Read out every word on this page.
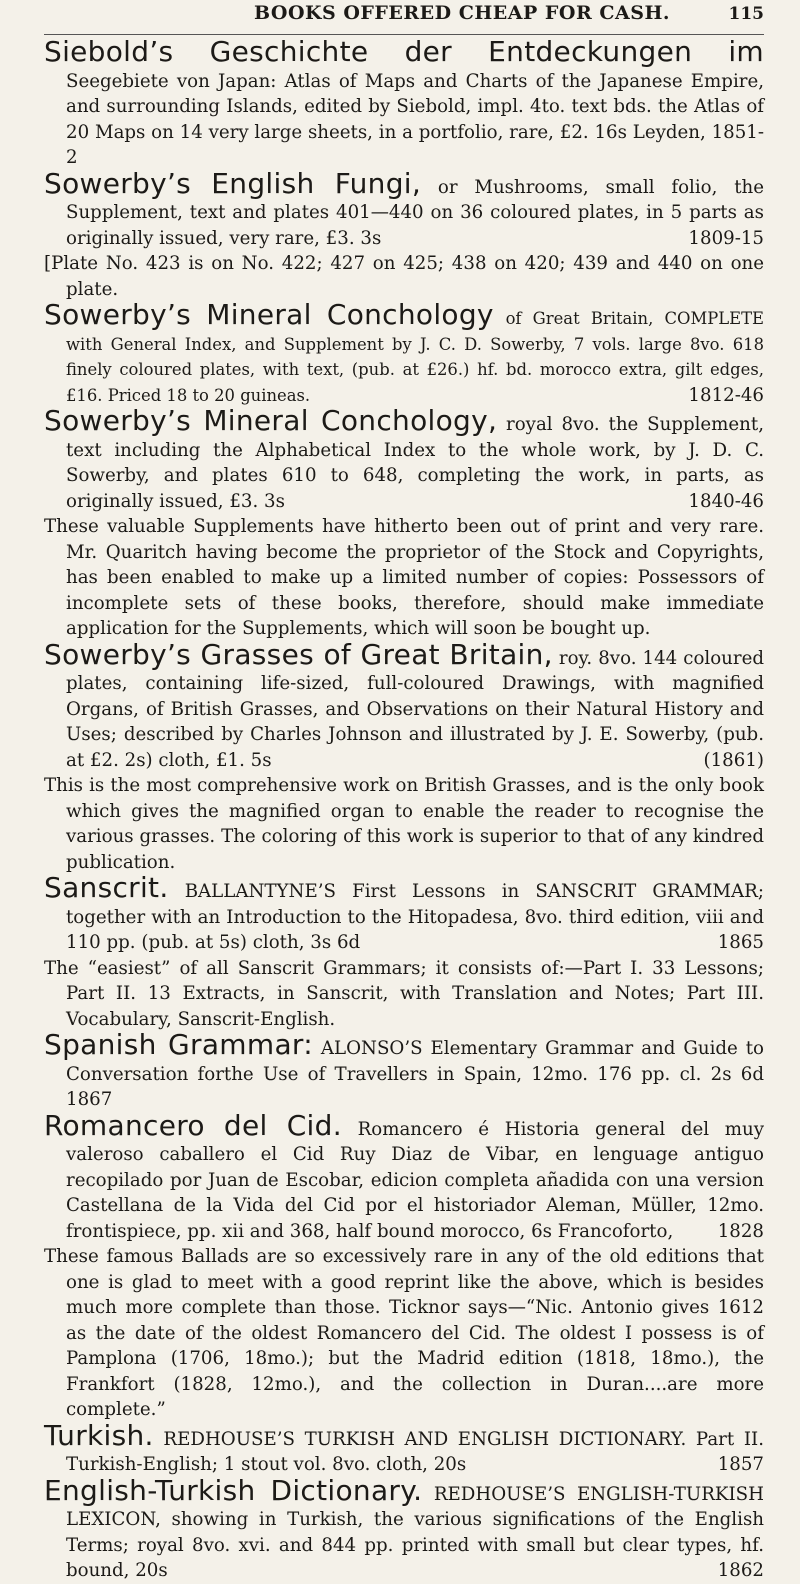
BOOKS OFFERED CHEAP FOR CASH.	115

Siebold’s Geschichte der Entdeckungen im Seegebiete von Japan: Atlas of Maps and Charts of the Japanese Empire, and surrounding Islands, edited by Siebold, impl. 4to. text bds. the Atlas of 20 Maps on 14 very large sheets, in a portfolio, rare, £2. 16s Leyden, 1851-2

Sowerby’s English Fungi, or Mushrooms, small folio, the Supplement, text and plates 401—440 on 36 coloured plates, in 5 parts as originally issued, very rare, £3. 3s	1809-15

[Plate No. 423 is on No. 422; 427 on 425; 438 on 420; 439 and 440 on one plate.

Sowerby’s Mineral Conchology of Great Britain, COMPLETE with General Index, and Supplement by J. C. D. Sowerby, 7 vols. large 8vo. 618 finely coloured plates, with text, (pub. at £26.) hf. bd. morocco extra, gilt edges, £16. Priced 18 to 20 guineas.	1812-46

Sowerby’s Mineral Conchology, royal 8vo. the Supplement, text including the Alphabetical Index to the whole work, by J. D. C. Sowerby, and plates 610 to 648, completing the work, in parts, as originally issued, £3. 3s	1840-46

These valuable Supplements have hitherto been out of print and very rare. Mr. Quaritch having become the proprietor of the Stock and Copyrights, has been enabled to make up a limited number of copies: Possessors of incomplete sets of these books, therefore, should make immediate application for the Supplements, which will soon be bought up.

Sowerby’s Grasses of Great Britain, roy. 8vo. 144 coloured plates, containing life-sized, full-coloured Drawings, with magnified Organs, of British Grasses, and Observations on their Natural History and Uses; described by Charles Johnson and illustrated by J. E. Sowerby, (pub. at £2. 2s) cloth, £1. 5s	(1861)

This is the most comprehensive work on British Grasses, and is the only book which gives the magnified organ to enable the reader to recognise the various grasses. The coloring of this work is superior to that of any kindred publication.

Sanscrit. BALLANTYNE’S First Lessons in SANSCRIT GRAMMAR; together with an Introduction to the Hitopadesa, 8vo. third edition, viii and 110 pp. (pub. at 5s) cloth, 3s 6d	1865

The “easiest” of all Sanscrit Grammars; it consists of:—Part I. 33 Lessons; Part II. 13 Extracts, in Sanscrit, with Translation and Notes; Part III. Vocabulary, Sanscrit-English.

Spanish Grammar: ALONSO’S Elementary Grammar and Guide to Conversation forthe Use of Travellers in Spain, 12mo. 176 pp. cl. 2s 6d 1867

Romancero del Cid. Romancero é Historia general del muy valeroso caballero el Cid Ruy Diaz de Vibar, en lenguage antiguo recopilado por Juan de Escobar, edicion completa añadida con una version Castellana de la Vida del Cid por el historiador Aleman, Müller, 12mo. frontispiece, pp. xii and 368, half bound morocco, 6s Francoforto, 1828

These famous Ballads are so excessively rare in any of the old editions that one is glad to meet with a good reprint like the above, which is besides much more complete than those. Ticknor says—“Nic. Antonio gives 1612 as the date of the oldest Romancero del Cid. The oldest I possess is of Pamplona (1706, 18mo.); but the Madrid edition (1818, 18mo.), the Frankfort (1828, 12mo.), and the collection in Duran....are more complete.”

Turkish. REDHOUSE’S TURKISH AND ENGLISH DICTIONARY. Part II. Turkish-English; 1 stout vol. 8vo. cloth, 20s	1857

English-Turkish Dictionary. REDHOUSE’S ENGLISH-TURKISH LEXICON, showing in Turkish, the various significations of the English Terms; royal 8vo. xvi. and 844 pp. printed with small but clear types, hf. bound, 20s	1862
